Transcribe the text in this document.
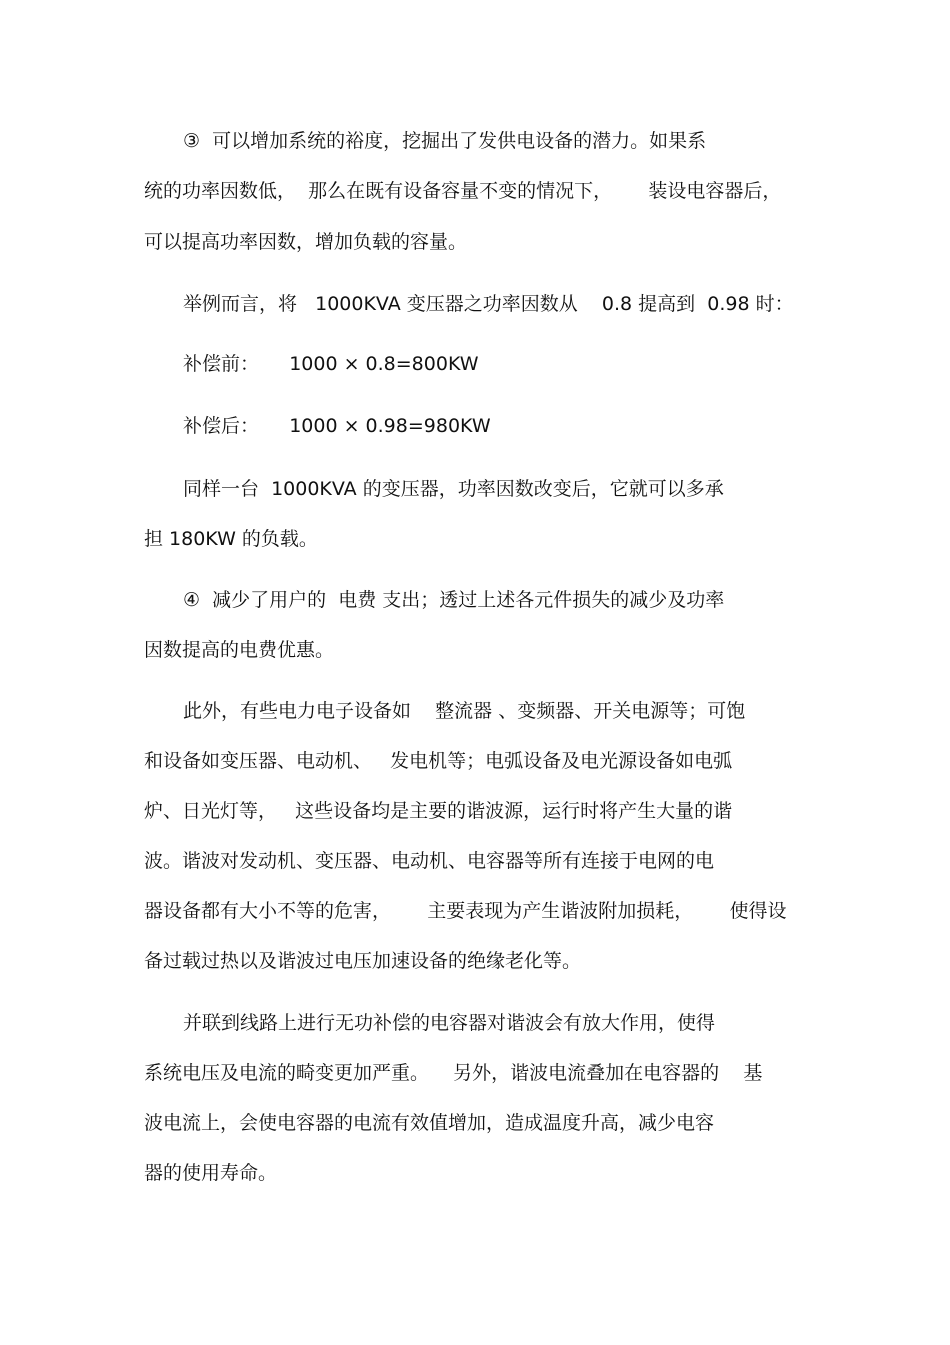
③  可以增加系统的裕度，挖掘出了发供电设备的潜力。如果系
统的功率因数低，  那么在既有设备容量不变的情况下，      装设电容器后，
可以提高功率因数，增加负载的容量。
举例而言，将   1000KVA 变压器之功率因数从    0.8 提高到  0.98 时：
补偿前：     1000 × 0.8=800KW
补偿后：     1000 × 0.98=980KW
同样一台  1000KVA 的变压器，功率因数改变后，它就可以多承
担 180KW 的负载。
④  减少了用户的  电费 支出；透过上述各元件损失的减少及功率
因数提高的电费优惠。
此外，有些电力电子设备如    整流器 、变频器、开关电源等；可饱
和设备如变压器、电动机、   发电机等；电弧设备及电光源设备如电弧
炉、日光灯等，   这些设备均是主要的谐波源，运行时将产生大量的谐
波。谐波对发动机、变压器、电动机、电容器等所有连接于电网的电
器设备都有大小不等的危害，      主要表现为产生谐波附加损耗，      使得设
备过载过热以及谐波过电压加速设备的绝缘老化等。
并联到线路上进行无功补偿的电容器对谐波会有放大作用，使得
系统电压及电流的畸变更加严重。    另外，谐波电流叠加在电容器的    基
波电流上，会使电容器的电流有效值增加，造成温度升高，减少电容
器的使用寿命。
